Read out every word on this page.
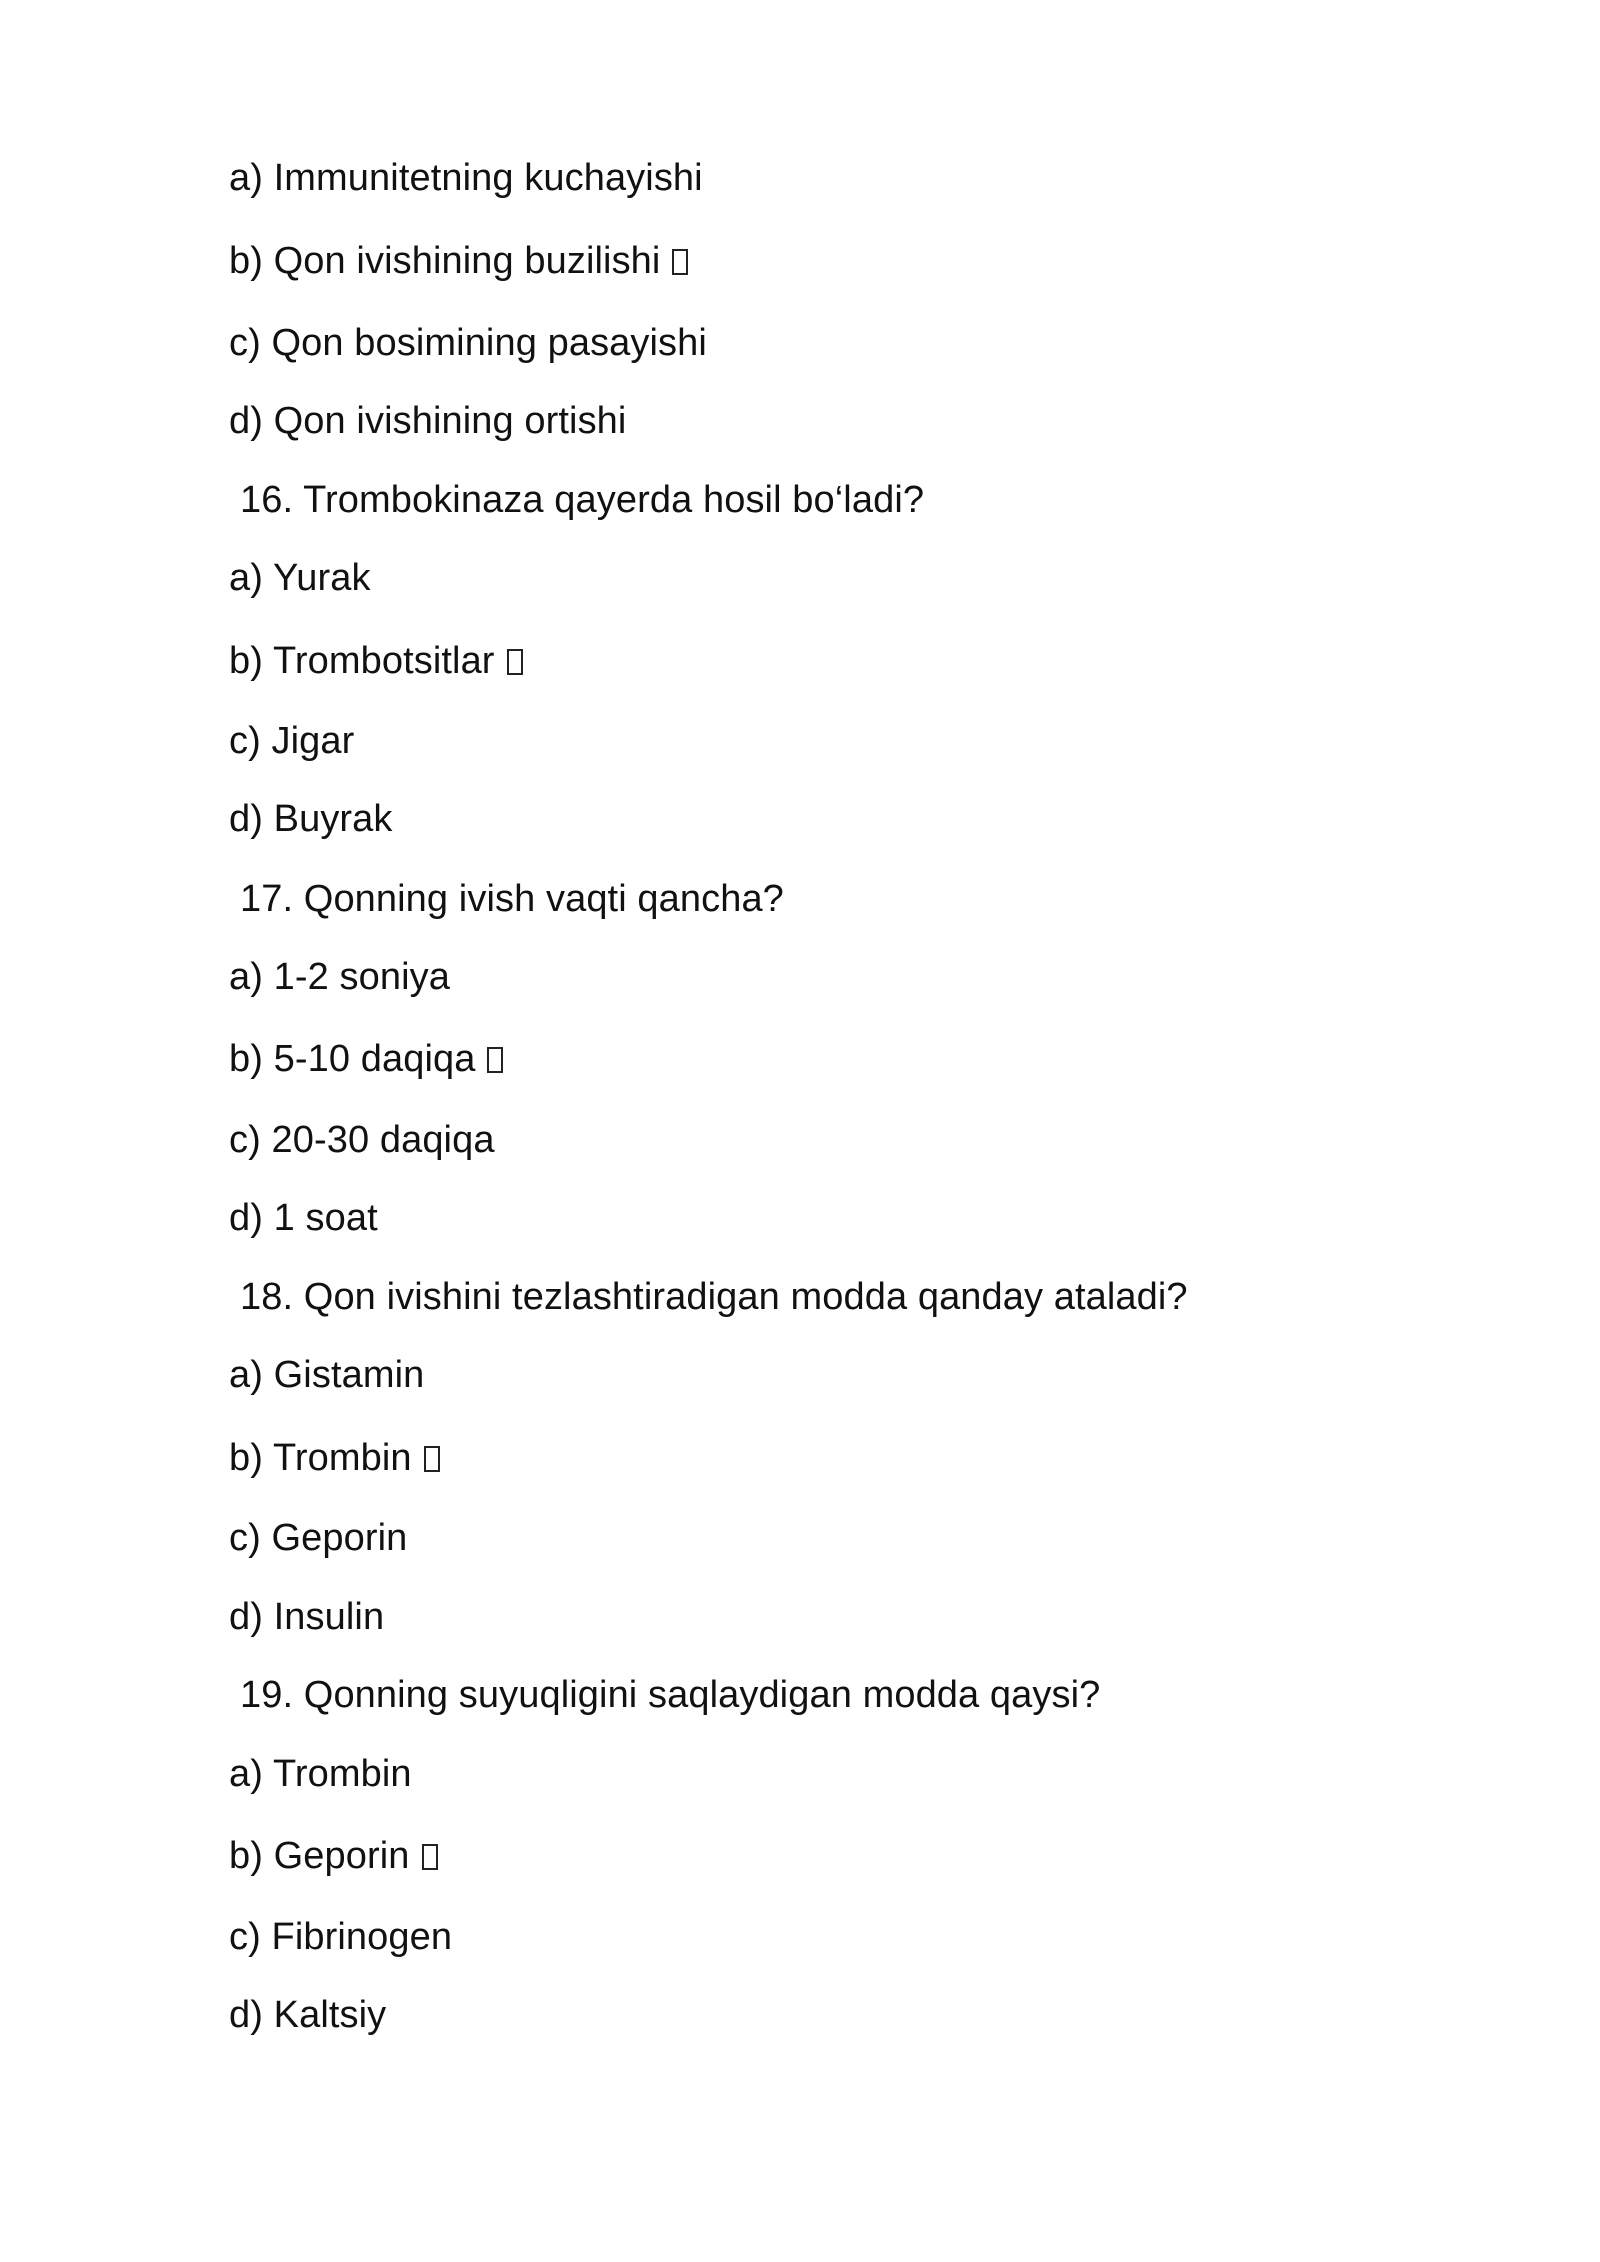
a) Immunitetning kuchayishi
b) Qon ivishining buzilishi
c) Qon bosimining pasayishi
d) Qon ivishining ortishi
16. Trombokinaza qayerda hosil bo‘ladi?
a) Yurak
b) Trombotsitlar
c) Jigar
d) Buyrak
17. Qonning ivish vaqti qancha?
a) 1-2 soniya
b) 5-10 daqiqa
c) 20-30 daqiqa
d) 1 soat
18. Qon ivishini tezlashtiradigan modda qanday ataladi?
a) Gistamin
b) Trombin
c) Geporin
d) Insulin
19. Qonning suyuqligini saqlaydigan modda qaysi?
a) Trombin
b) Geporin
c) Fibrinogen
d) Kaltsiy
